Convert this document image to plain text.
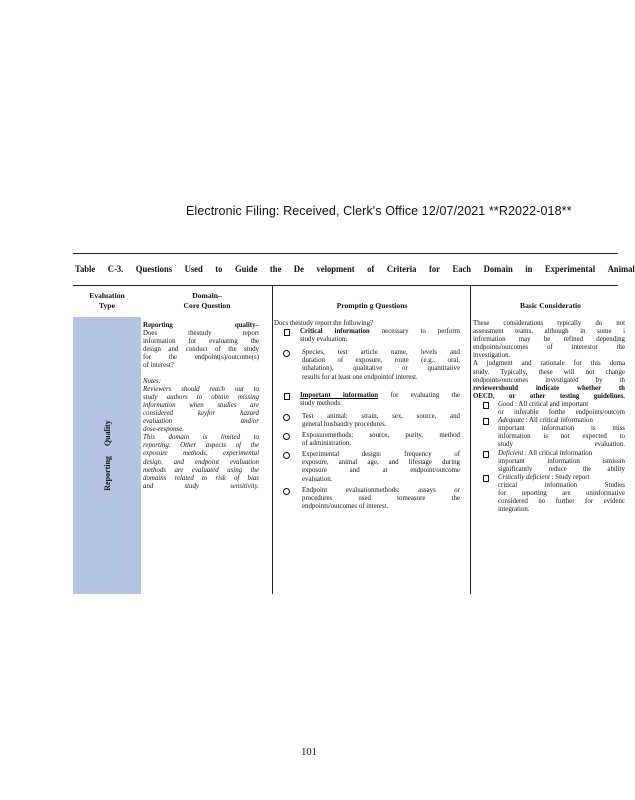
Electronic Filing: Received, Clerk's Office 12/07/2021 **R2022-018**
Table C-3. Questions Used to Guide the De velopment of Criteria for Each Domain in Experimental Animal
Evaluation
Type
Domain–
Core Question	Promptin g Questions	Basic Consideratio
Reporting     Quality
Reporting quality–
Does thestudy report
information for evaluating the
design and conduct of the study
for the endpoint(s)/outcome(s)
of interest?
Notes:
Reviewers should reach out to
study authors to obtain missing
information when studies are
considered keyfor hazard
evaluation and/or
dose-response.
This domain is limited to
reporting. Other aspects of the
exposure methods, experimental
design, and endpoint evaluation
methods are evaluated using the
domains related to risk of bias
and study sensitivity.
Docs thestudy report the following?
Critical information necessary to perform
study evaluation:
Species, test article name, levels and
duration of exposure, route (e.g., oral,
inhalation), qualitative or quantitative
results for at least one endpointof interest.
Important information for evaluating the
study methods:
Test animal: strain, sex, source, and
general husbandry procedures.
Exposuremethods: source, purity, method
of administration.
Experimental design: frequency of
exposure, animal age, and lifestage during
exposure and at endpoint/outcome
evaluation.
Endpoint evaluationmethods: assays or
procedures used tomeasure the
endpoints/outcomes of interest.
These considerations typically do not
assessment teams, although in some i
information may be refined depending
endpoints/outcomes of interestor the
investigation.
A judgment and rationale for this doma
study. Typically, these will not change
endpoints/outcomes investigated by th
reviewershould indicate whether th
OECD, or other testing guidelines.
Good : All critical and important
or inferable forthe endpoints/outcom
Adequate : All critical information
important information is miss
information is not expected to
study evaluation.
Deficient : All critical information
important information ismissin
significantly reduce the ability
Critically deficient : Study report
critical information Studies
for reporting are uninformative
considered no further for evidenc
integration.
101
